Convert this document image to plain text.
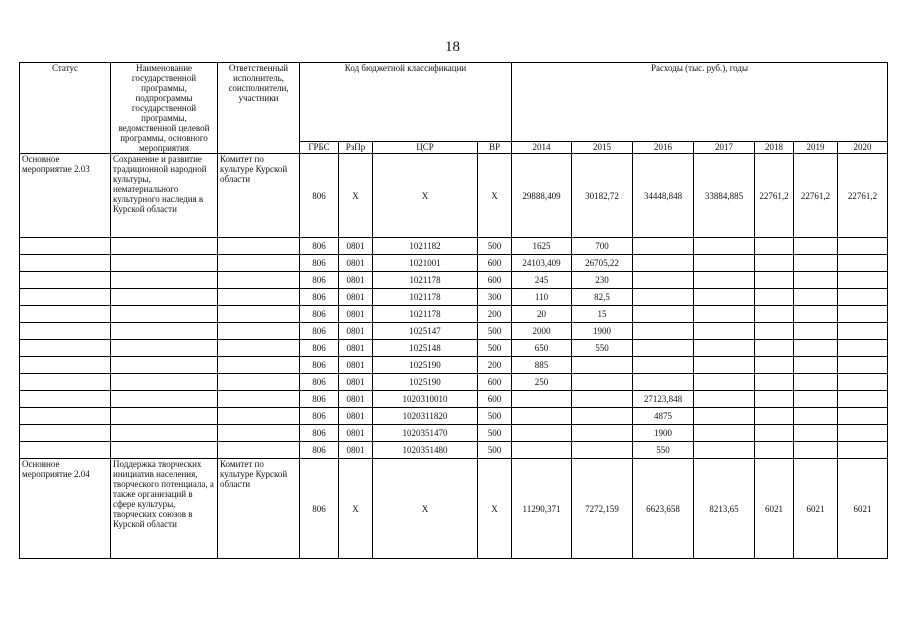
18
Статус	Наименование государственной программы, подпрограммы государственной программы, ведомственной целевой программы, основного мероприятия	Ответственный исполнитель, соисполнители, участники	Код бюджетной классификации				Расходы (тыс. руб.), годы						
			ГРБС	РзПр	ЦСР	ВР	2014	2015	2016	2017	2018	2019	2020
Основное мероприятие 2.03	Сохранение и развитие традиционной народной культуры, нематериального культурного наследия в Курской области	Комитет по культуре Курской области	806	Х	Х	Х	29888,409	30182,72	34448,848	33884,885	22761,2	22761,2	22761,2
			806	0801	1021182	500	1625	700					
			806	0801	1021001	600	24103,409	26705,22					
			806	0801	1021178	600	245	230					
			806	0801	1021178	300	110	82,5					
			806	0801	1021178	200	20	15					
			806	0801	1025147	500	2000	1900					
			806	0801	1025148	500	650	550					
			806	0801	1025190	200	885						
			806	0801	1025190	600	250						
			806	0801	1020310010	600			27123,848				
			806	0801	1020311820	500			4875				
			806	0801	1020351470	500			1900				
			806	0801	1020351480	500			550				
Основное мероприятие 2.04	Поддержка творческих инициатив населения, творческого потенциала, а также организаций в сфере культуры, творческих союзов в Курской области	Комитет по культуре Курской области	806	Х	Х	Х	11290,371	7272,159	6623,658	8213,65	6021	6021	6021
